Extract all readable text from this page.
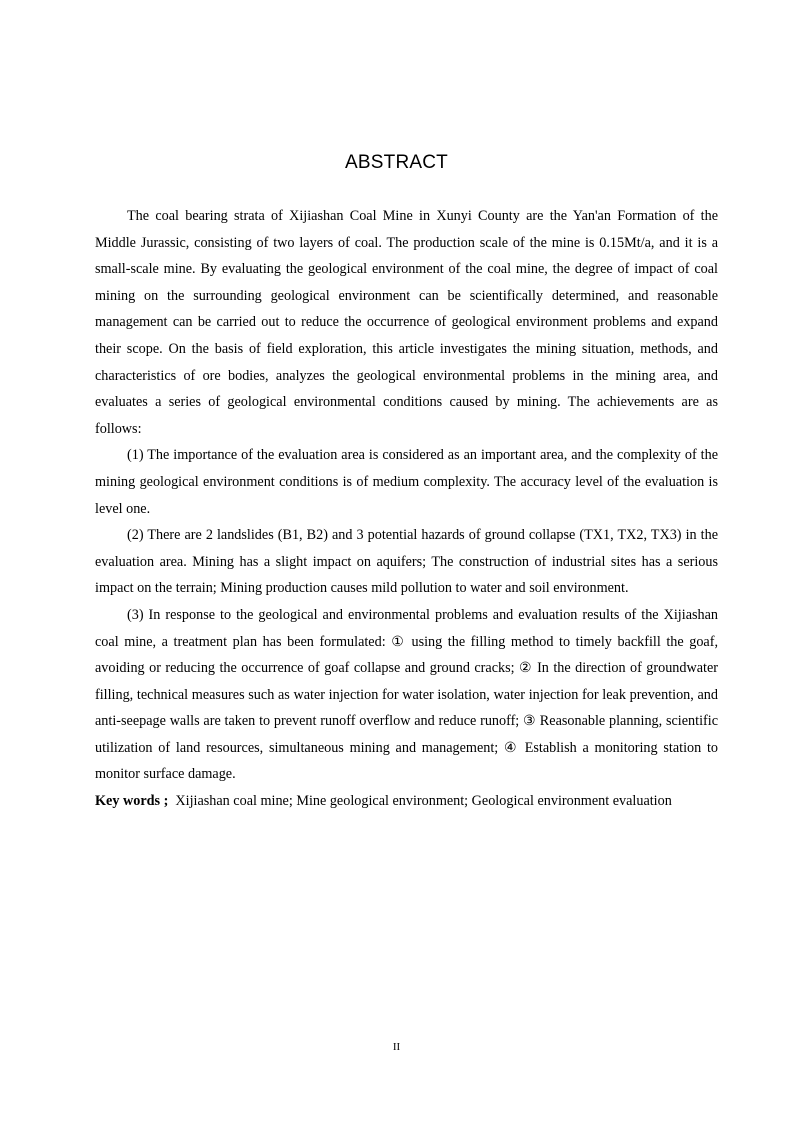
ABSTRACT

The coal bearing strata of Xijiashan Coal Mine in Xunyi County are the Yan'an Formation of the Middle Jurassic, consisting of two layers of coal. The production scale of the mine is 0.15Mt/a, and it is a small-scale mine. By evaluating the geological environment of the coal mine, the degree of impact of coal mining on the surrounding geological environment can be scientifically determined, and reasonable management can be carried out to reduce the occurrence of geological environment problems and expand their scope. On the basis of field exploration, this article investigates the mining situation, methods, and characteristics of ore bodies, analyzes the geological environmental problems in the mining area, and evaluates a series of geological environmental conditions caused by mining. The achievements are as follows:

(1) The importance of the evaluation area is considered as an important area, and the complexity of the mining geological environment conditions is of medium complexity. The accuracy level of the evaluation is level one.

(2) There are 2 landslides (B1, B2) and 3 potential hazards of ground collapse (TX1, TX2, TX3) in the evaluation area. Mining has a slight impact on aquifers; The construction of industrial sites has a serious impact on the terrain; Mining production causes mild pollution to water and soil environment.

(3) In response to the geological and environmental problems and evaluation results of the Xijiashan coal mine, a treatment plan has been formulated: ① using the filling method to timely backfill the goaf, avoiding or reducing the occurrence of goaf collapse and ground cracks; ② In the direction of groundwater filling, technical measures such as water injection for water isolation, water injection for leak prevention, and anti-seepage walls are taken to prevent runoff overflow and reduce runoff; ③ Reasonable planning, scientific utilization of land resources, simultaneous mining and management; ④ Establish a monitoring station to monitor surface damage.

Key words ; Xijiashan coal mine; Mine geological environment; Geological environment evaluation

II
